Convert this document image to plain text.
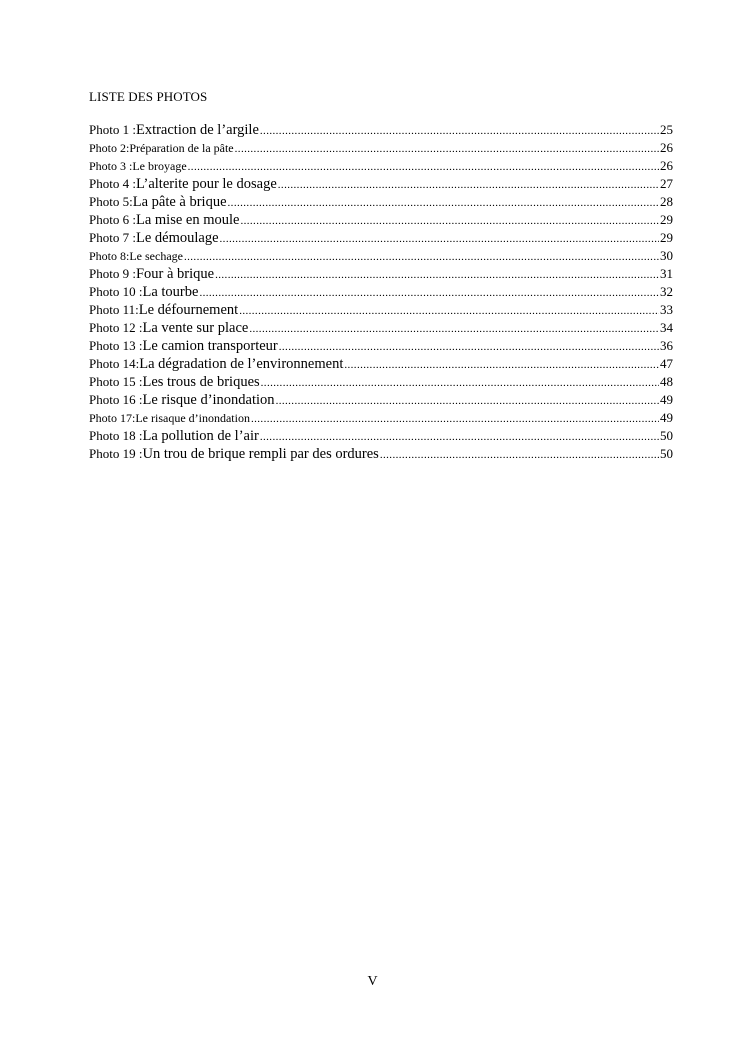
LISTE DES PHOTOS
Photo 1 : Extraction de l’argile .....	25
Photo 2: Préparation de la pâte .....	26
Photo 3 : Le broyage .....	26
Photo 4 : L’alterite pour le dosage .....	27
Photo 5: La pâte à brique .....	28
Photo 6 : La mise en moule .....	29
Photo 7 : Le démoulage .....	29
Photo 8: Le sechage .....	30
Photo 9 : Four à brique .....	31
Photo 10 : La tourbe .....	32
Photo 11: Le défournement .....	33
Photo 12 : La vente sur place .....	34
Photo 13 : Le camion transporteur .....	36
Photo 14: La dégradation de l’environnement .....	47
Photo 15 : Les trous de briques .....	48
Photo 16 : Le risque d’inondation .....	49
Photo 17: Le risaque d’inondation .....	49
Photo 18 : La pollution de l’air .....	50
Photo 19 : Un trou de brique rempli par des ordures .....	50
V
